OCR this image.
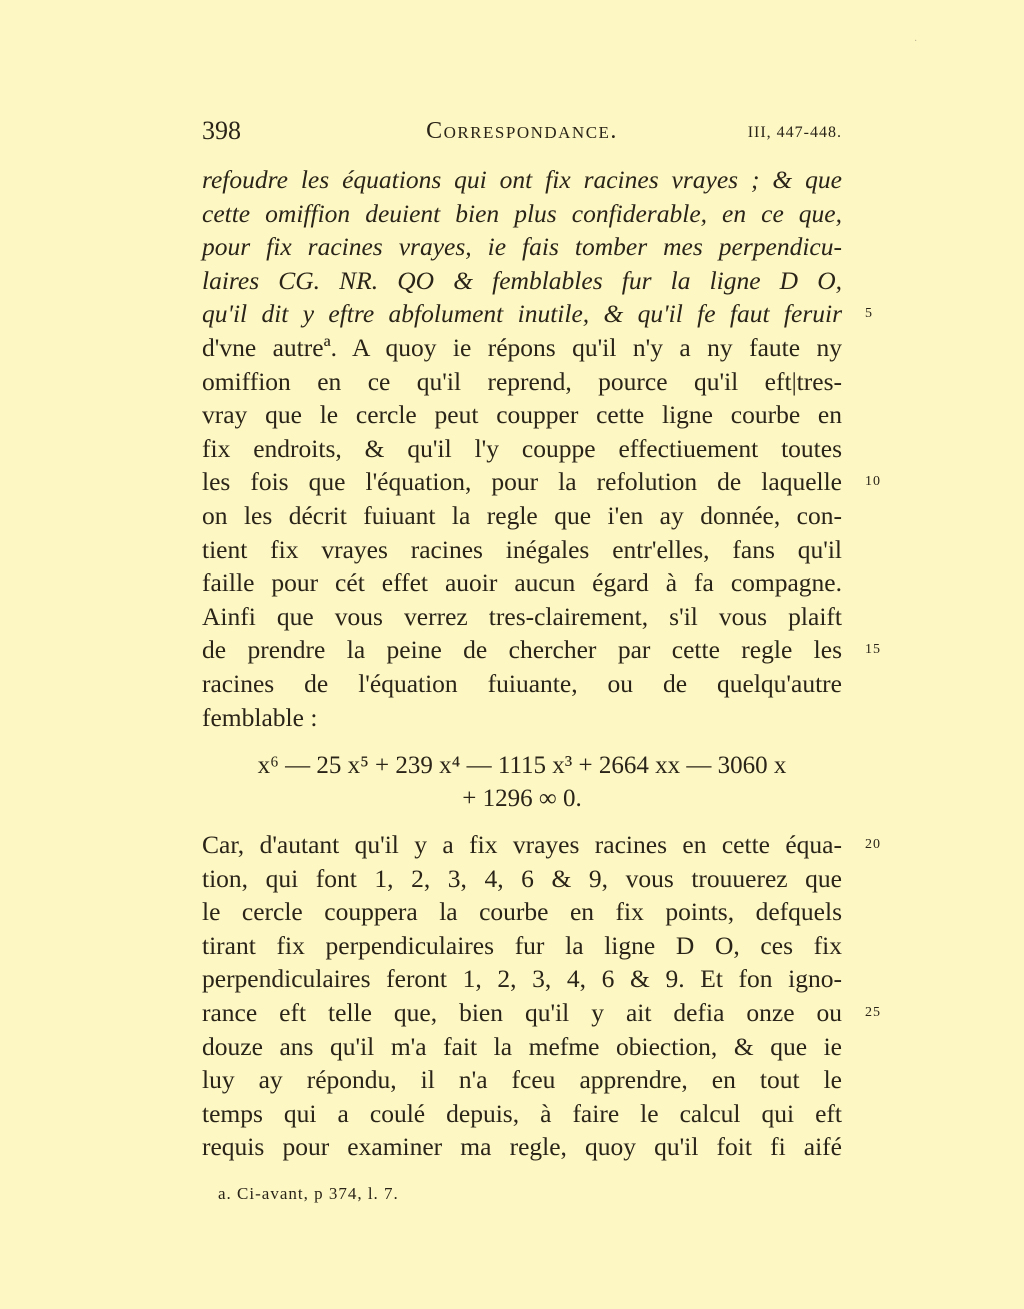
·
398	Correspondance.	III, 447-448.
refoudre les équations qui ont fix racines vrayes ; & que
cette omiffion deuient bien plus confiderable, en ce que,
pour fix racines vrayes, ie fais tomber mes perpendicu-
laires CG. NR. QO & femblables fur la ligne D O,
qu'il dit y eftre abfolument inutile, & qu'il fe faut feruir
d'vne autreª. A quoy ie répons qu'il n'y a ny faute ny
omiffion en ce qu'il reprend, pource qu'il eft|tres-
vray que le cercle peut coupper cette ligne courbe en
fix endroits, & qu'il l'y couppe effectiuement toutes
les fois que l'équation, pour la refolution de laquelle
on les décrit fuiuant la regle que i'en ay donnée, con-
tient fix vrayes racines inégales entr'elles, fans qu'il
faille pour cét effet auoir aucun égard à fa compagne.
Ainfi que vous verrez tres-clairement, s'il vous plaift
de prendre la peine de chercher par cette regle les
racines de l'équation fuiuante, ou de quelqu'autre
femblable :
x⁶ — 25 x⁵ + 239 x⁴ — 1115 x³ + 2664 xx — 3060 x
+ 1296 ∞ 0.
Car, d'autant qu'il y a fix vrayes racines en cette équa-
tion, qui font 1, 2, 3, 4, 6 & 9, vous trouuerez que
le cercle couppera la courbe en fix points, defquels
tirant fix perpendiculaires fur la ligne D O, ces fix
perpendiculaires feront 1, 2, 3, 4, 6 & 9. Et fon igno-
rance eft telle que, bien qu'il y ait defia onze ou
douze ans qu'il m'a fait la mefme obiection, & que ie
luy ay répondu, il n'a fceu apprendre, en tout le
temps qui a coulé depuis, à faire le calcul qui eft
requis pour examiner ma regle, quoy qu'il foit fi aifé
5
10
15
20
25
a. Ci-avant, p 374, l. 7.
